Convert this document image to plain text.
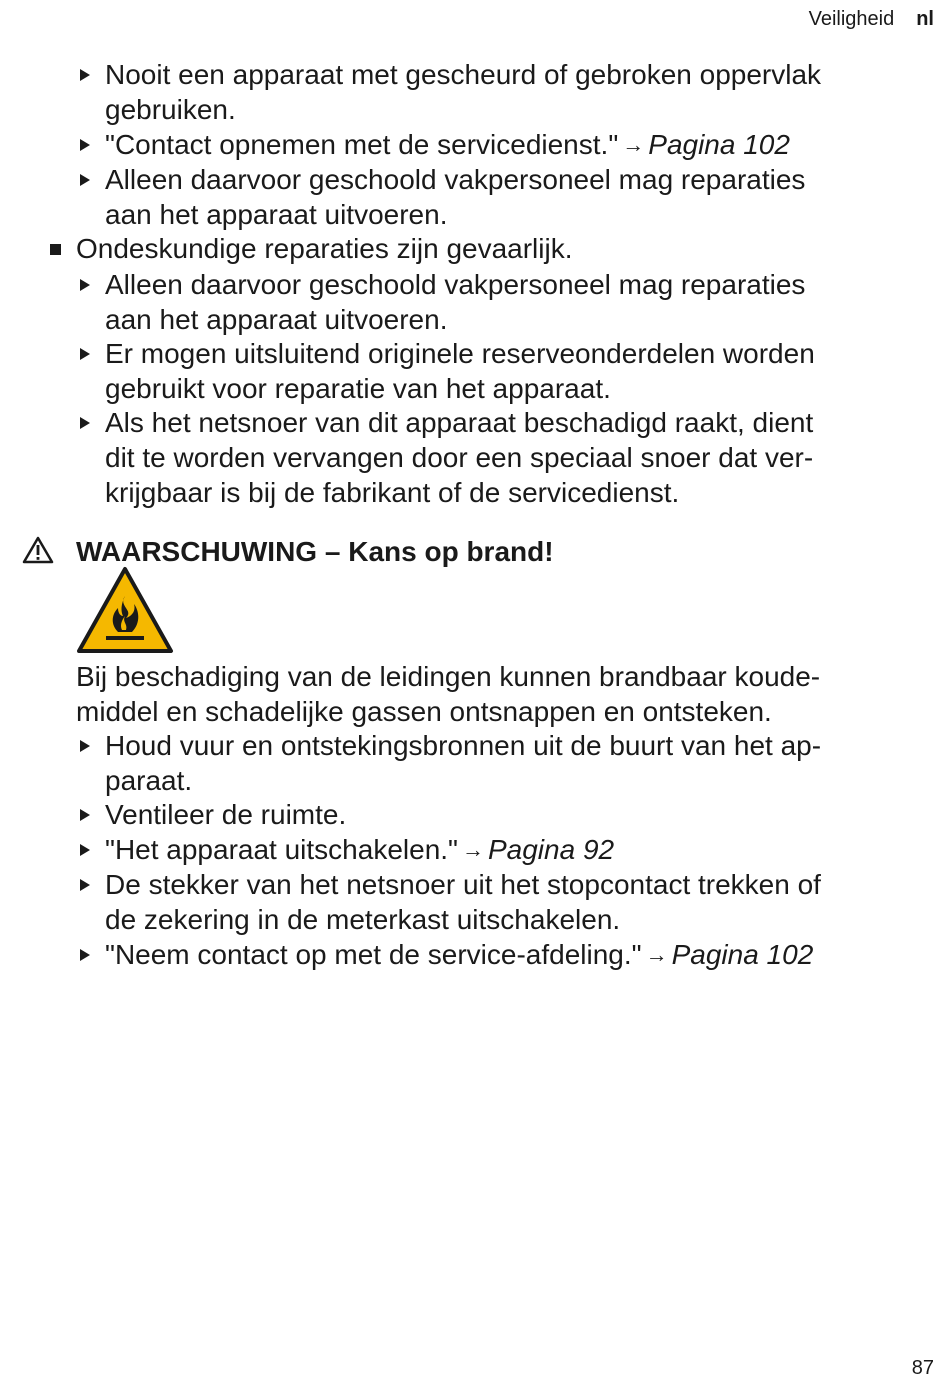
Veiligheid nl
Nooit een apparaat met gescheurd of gebroken oppervlak
gebruiken.
"Contact opnemen met de servicedienst." → Pagina 102
Alleen daarvoor geschoold vakpersoneel mag reparaties
aan het apparaat uitvoeren.
Ondeskundige reparaties zijn gevaarlijk.
Alleen daarvoor geschoold vakpersoneel mag reparaties
aan het apparaat uitvoeren.
Er mogen uitsluitend originele reserveonderdelen worden
gebruikt voor reparatie van het apparaat.
Als het netsnoer van dit apparaat beschadigd raakt, dient
dit te worden vervangen door een speciaal snoer dat ver-
krijgbaar is bij de fabrikant of de servicedienst.
WAARSCHUWING – Kans op brand!
Bij beschadiging van de leidingen kunnen brandbaar koude-
middel en schadelijke gassen ontsnappen en ontsteken.
Houd vuur en ontstekingsbronnen uit de buurt van het ap-
paraat.
Ventileer de ruimte.
"Het apparaat uitschakelen." → Pagina 92
De stekker van het netsnoer uit het stopcontact trekken of
de zekering in de meterkast uitschakelen.
"Neem contact op met de service-afdeling." → Pagina 102
87
